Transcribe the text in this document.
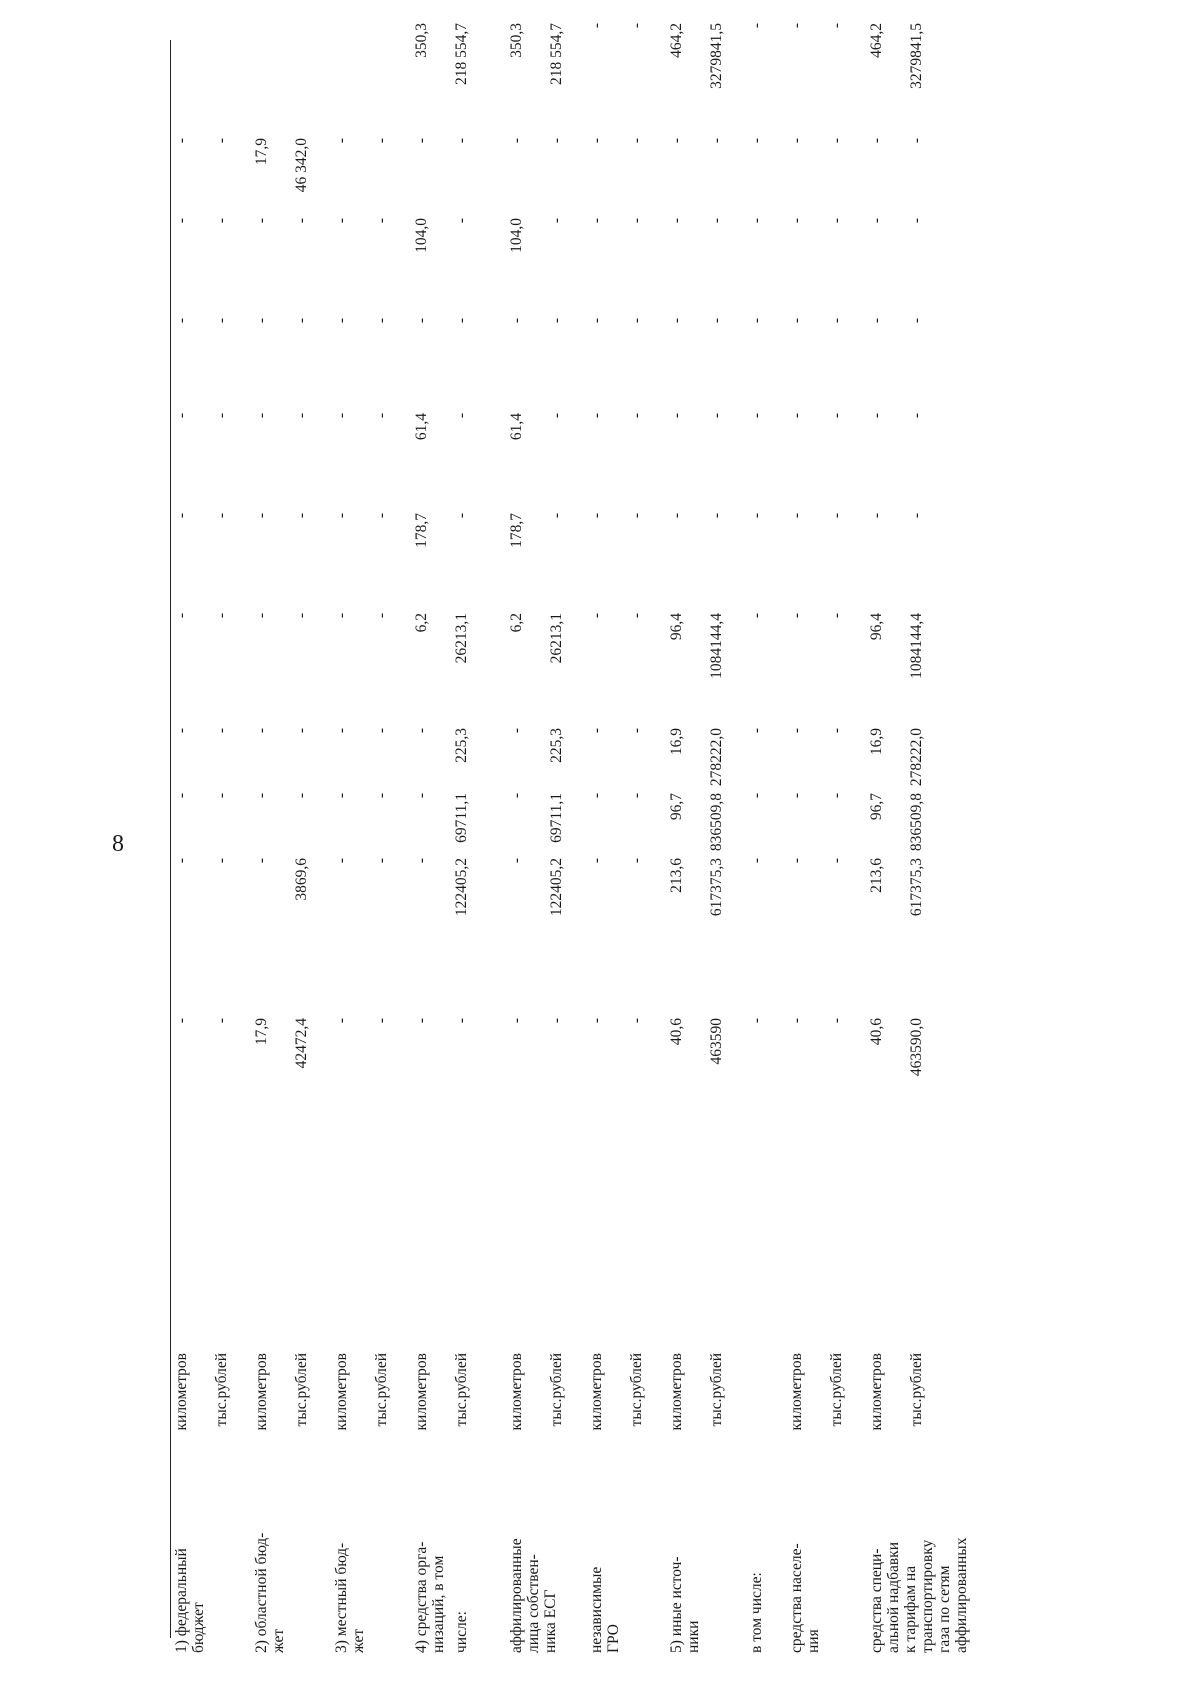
8
1) федеральный бюджет
километров
-
-
-
-
-
-
-
-
-
-
тыс.рублей
-
-
-
-
-
-
-
-
-
-
2) областной бюд- жет
километров
17,9
-
-
-
-
-
-
-
-
17,9
тыс.рублей
42472,4
3869,6
-
-
-
-
-
-
-
46 342,0
3) местный бюд- жет
километров
-
-
-
-
-
-
-
-
-
-
тыс.рублей
-
-
-
-
-
-
-
-
-
-
4) средства орга- низаций, в том
километров
-
-
-
-
6,2
178,7
61,4
-
104,0
-
350,3
числе:
тыс.рублей
-
122405,2
69711,1
225,3
26213,1
-
-
-
-
-
218 554,7
аффилированные лица собствен- ника ЕСГ
километров
-
-
-
-
6,2
178,7
61,4
-
104,0
-
350,3
тыс.рублей
-
122405,2
69711,1
225,3
26213,1
-
-
-
-
-
218 554,7
независимые ГРО
километров
-
-
-
-
-
-
-
-
-
-
-
тыс.рублей
-
-
-
-
-
-
-
-
-
-
-
5) иные источ- ники
километров
40,6
213,6
96,7
16,9
96,4
-
-
-
-
-
464,2
тыс.рублей
463590
617375,3
836509,8
278222,0
1084144,4
-
-
-
-
-
3279841,5
в том числе:
-
-
-
-
-
-
-
-
-
-
-
средства населе- ния
километров
-
-
-
-
-
-
-
-
-
-
-
тыс.рублей
-
-
-
-
-
-
-
-
-
-
-
средства специ- альной надбавки к тарифам на транспортировку газа по сетям аффилированных
километров
40,6
213,6
96,7
16,9
96,4
-
-
-
-
-
464,2
тыс.рублей
463590,0
617375,3
836509,8
278222,0
1084144,4
-
-
-
-
-
3279841,5
